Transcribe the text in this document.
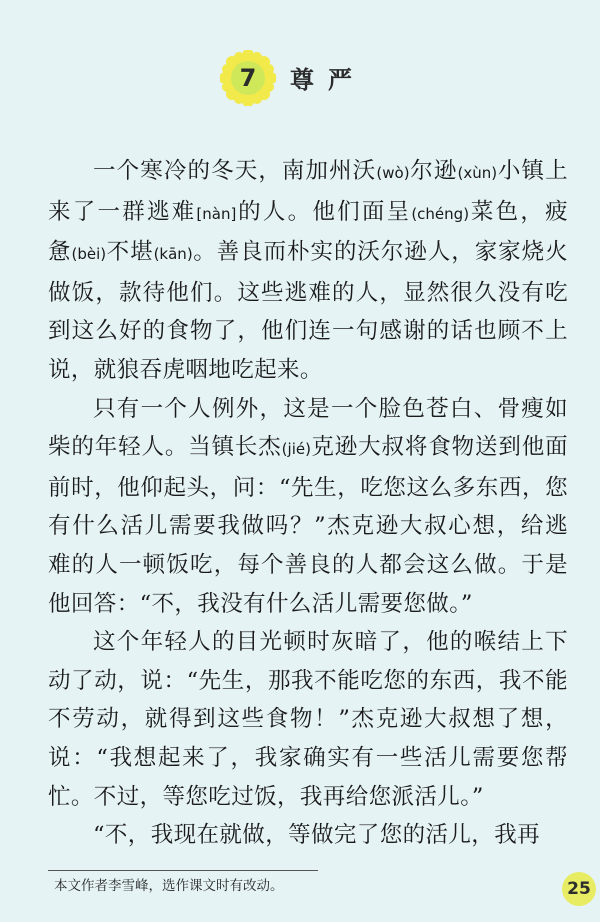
7	尊严

一个寒冷的冬天，南加州沃(wò)尔逊(xùn)小镇上
来了一群逃难[nàn]的人。他们面呈(chéng)菜色，疲
惫(bèi)不堪(kān)。善良而朴实的沃尔逊人，家家烧火
做饭，款待他们。这些逃难的人，显然很久没有吃
到这么好的食物了，他们连一句感谢的话也顾不上
说，就狼吞虎咽地吃起来。

只有一个人例外，这是一个脸色苍白、骨瘦如
柴的年轻人。当镇长杰(jié)克逊大叔将食物送到他面
前时，他仰起头，问：“先生，吃您这么多东西，您
有什么活儿需要我做吗？”杰克逊大叔心想，给逃
难的人一顿饭吃，每个善良的人都会这么做。于是
他回答：“不，我没有什么活儿需要您做。”

这个年轻人的目光顿时灰暗了，他的喉结上下
动了动，说：“先生，那我不能吃您的东西，我不能
不劳动，就得到这些食物！”杰克逊大叔想了想，
说：“我想起来了，我家确实有一些活儿需要您帮
忙。不过，等您吃过饭，我再给您派活儿。”

“不，我现在就做，等做完了您的活儿，我再

本文作者李雪峰，选作课文时有改动。	25
